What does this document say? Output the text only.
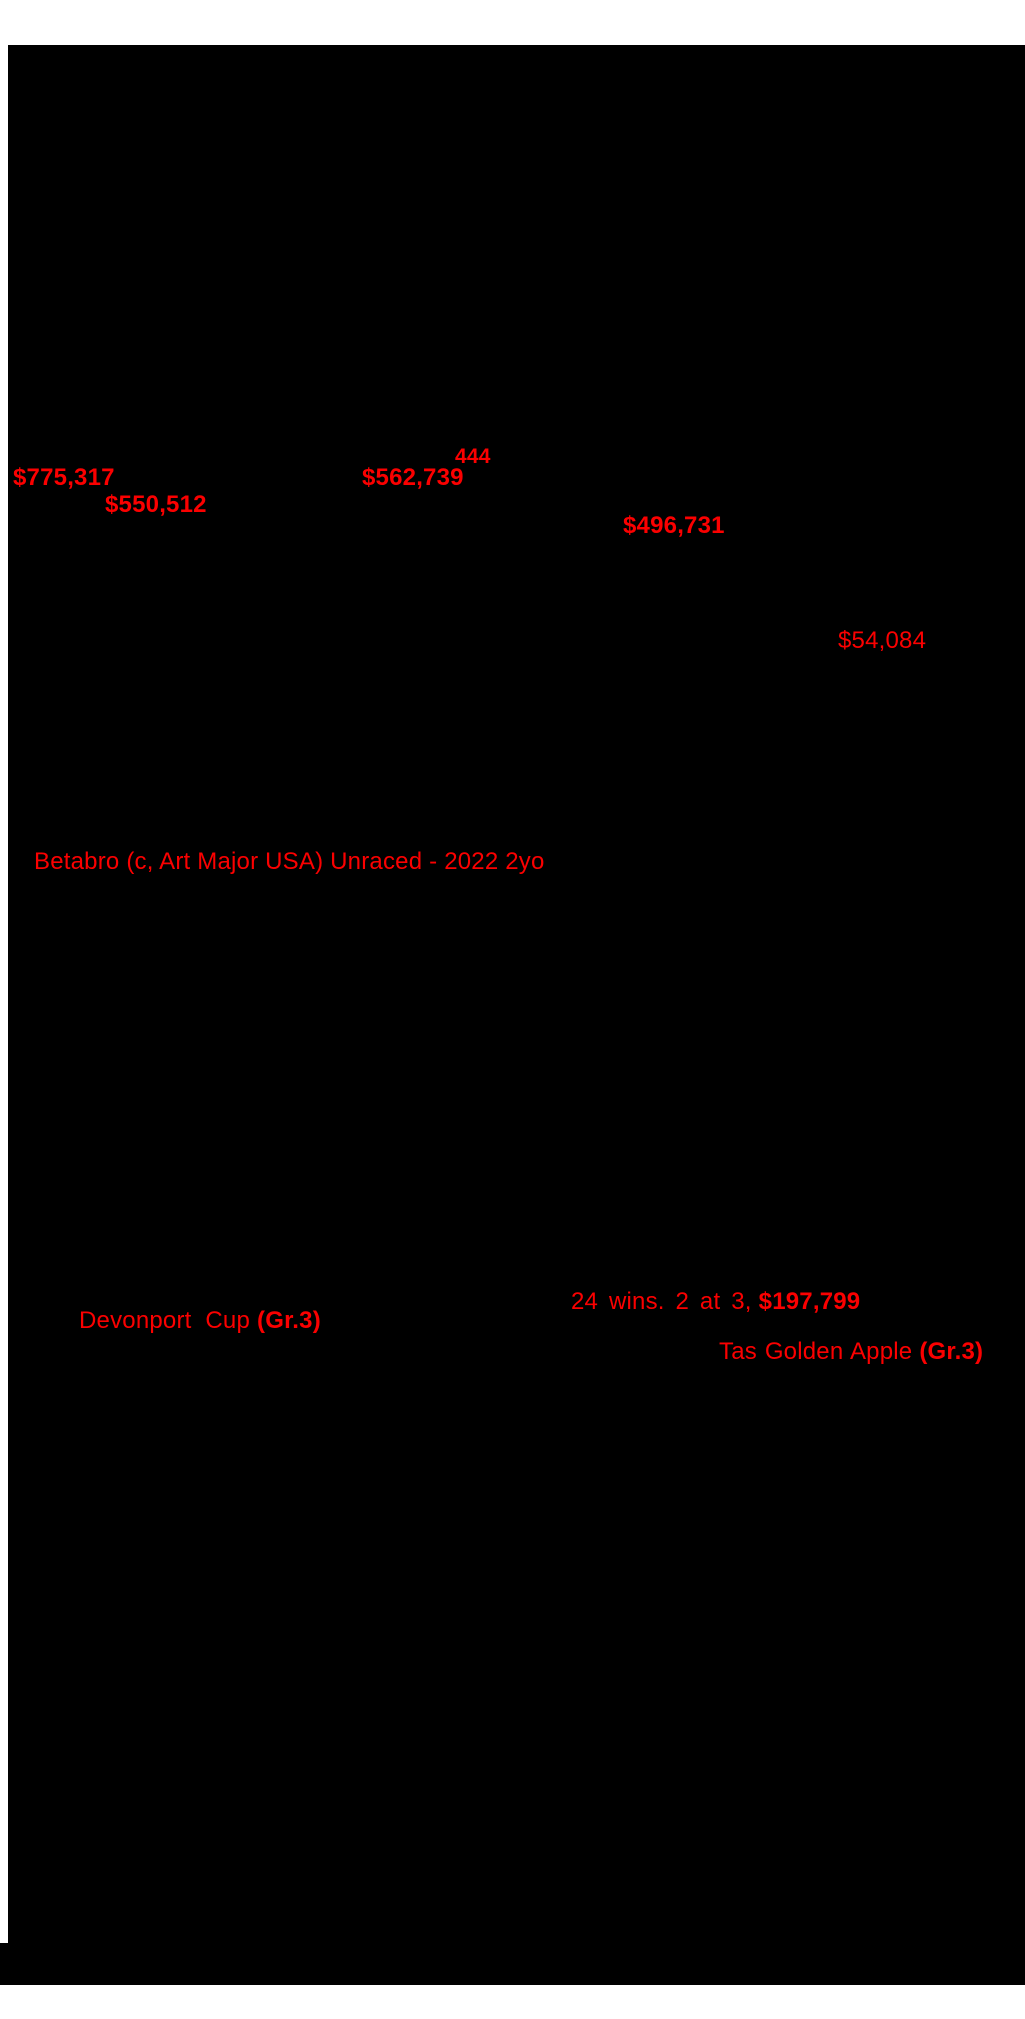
444
$775,317
$550,512
$562,739
$496,731
$54,084
Betabro (c, Art Major USA) Unraced - 2022 2yo
24 wins. 2 at 3, $197,799
Devonport Cup (Gr.3)
Tas Golden Apple (Gr.3)
